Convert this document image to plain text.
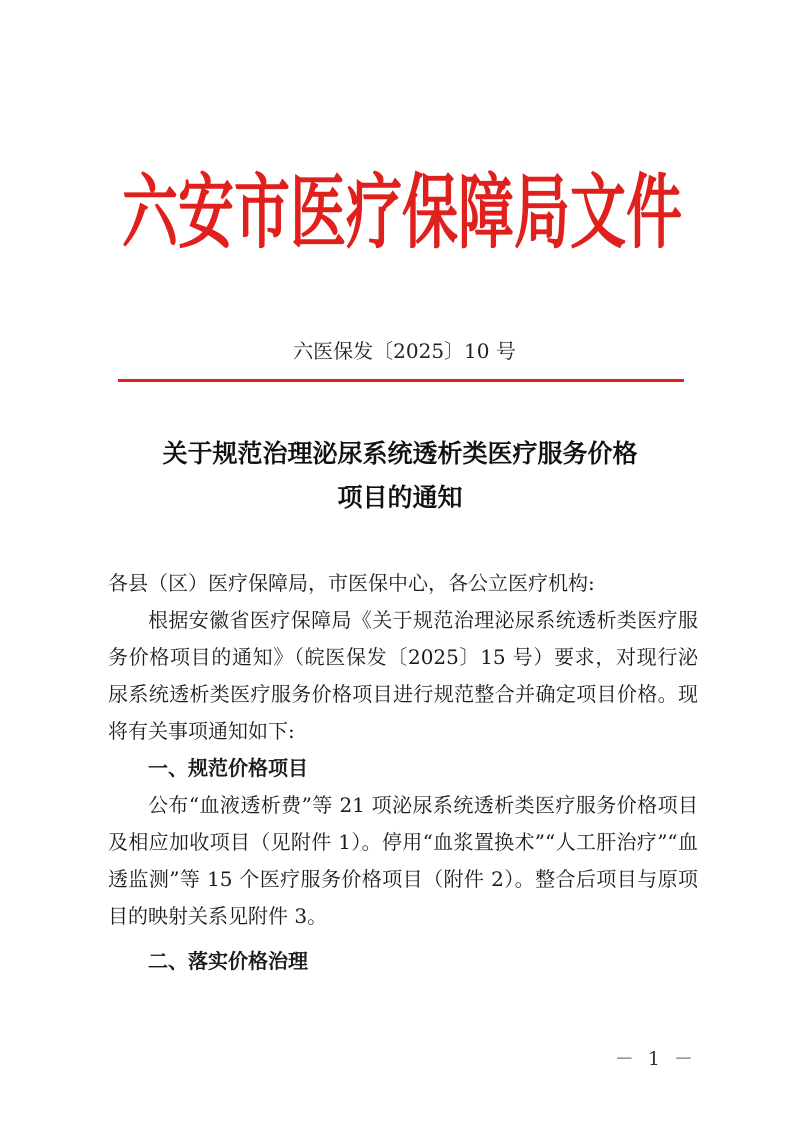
六安市医疗保障局文件
六医保发〔2025〕10 号
关于规范治理泌尿系统透析类医疗服务价格
项目的通知

各县（区）医疗保障局，市医保中心，各公立医疗机构:

根据安徽省医疗保障局《关于规范治理泌尿系统透析类医疗服务价格项目的通知》（皖医保发〔2025〕15 号）要求，对现行泌尿系统透析类医疗服务价格项目进行规范整合并确定项目价格。现将有关事项通知如下:

一、规范价格项目

公布“血液透析费”等 21 项泌尿系统透析类医疗服务价格项目及相应加收项目（见附件 1）。停用“血浆置换术”“人工肝治疗”“血透监测”等 15 个医疗服务价格项目（附件 2）。整合后项目与原项目的映射关系见附件 3。

二、落实价格治理

－ 1 －
